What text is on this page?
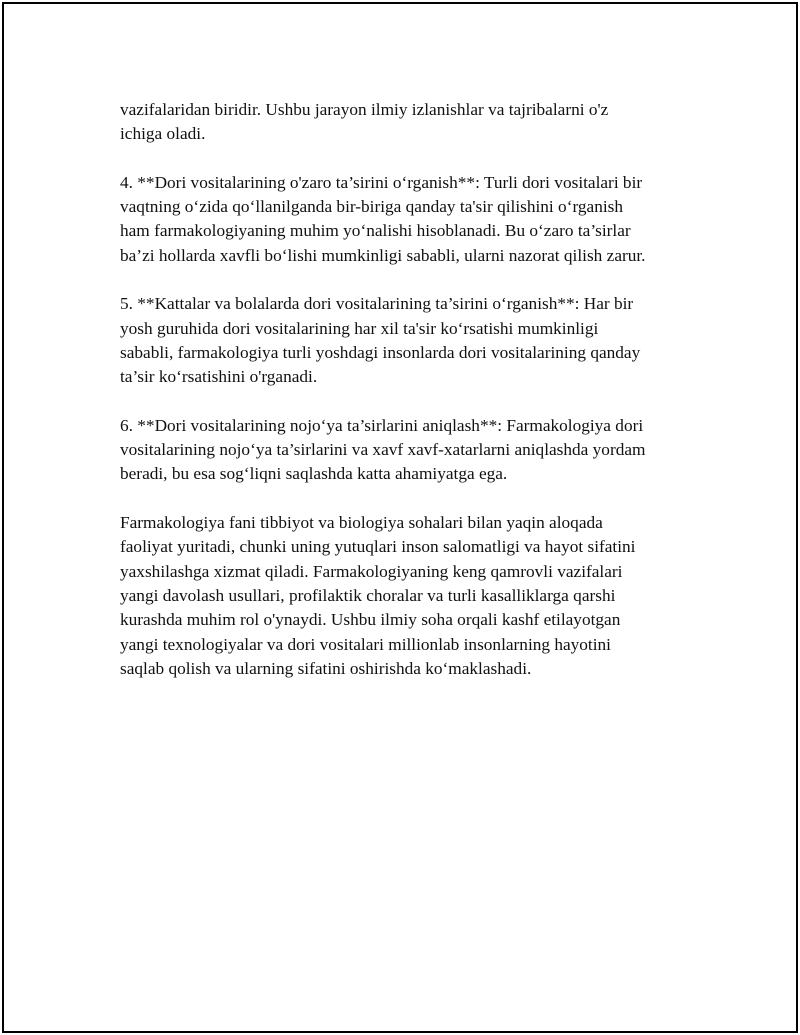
vazifalaridan biridir. Ushbu jarayon ilmiy izlanishlar va tajribalarni o'z
ichiga oladi.

4. **Dori vositalarining o'zaro ta’sirini o‘rganish**: Turli dori vositalari bir
vaqtning o‘zida qo‘llanilganda bir-biriga qanday ta'sir qilishini o‘rganish
ham farmakologiyaning muhim yo‘nalishi hisoblanadi. Bu o‘zaro ta’sirlar
ba’zi hollarda xavfli bo‘lishi mumkinligi sababli, ularni nazorat qilish zarur.

5. **Kattalar va bolalarda dori vositalarining ta’sirini o‘rganish**: Har bir
yosh guruhida dori vositalarining har xil ta'sir ko‘rsatishi mumkinligi
sababli, farmakologiya turli yoshdagi insonlarda dori vositalarining qanday
ta’sir ko‘rsatishini o'rganadi.

6. **Dori vositalarining nojo‘ya ta’sirlarini aniqlash**: Farmakologiya dori
vositalarining nojo‘ya ta’sirlarini va xavf xavf-xatarlarni aniqlashda yordam
beradi, bu esa sog‘liqni saqlashda katta ahamiyatga ega.

Farmakologiya fani tibbiyot va biologiya sohalari bilan yaqin aloqada
faoliyat yuritadi, chunki uning yutuqlari inson salomatligi va hayot sifatini
yaxshilashga xizmat qiladi. Farmakologiyaning keng qamrovli vazifalari
yangi davolash usullari, profilaktik choralar va turli kasalliklarga qarshi
kurashda muhim rol o'ynaydi. Ushbu ilmiy soha orqali kashf etilayotgan
yangi texnologiyalar va dori vositalari millionlab insonlarning hayotini
saqlab qolish va ularning sifatini oshirishda ko‘maklashadi.
